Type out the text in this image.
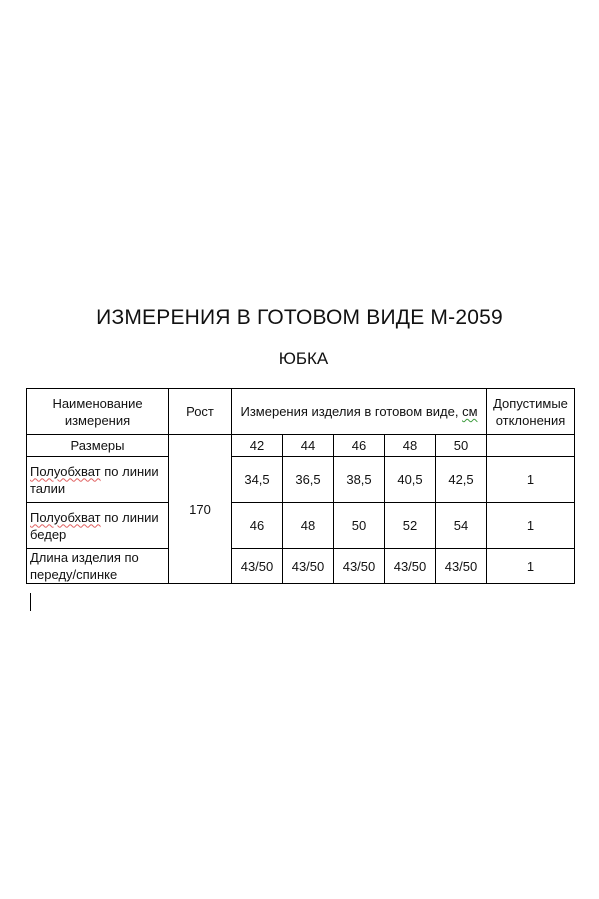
ИЗМЕРЕНИЯ В ГОТОВОМ ВИДЕ М-2059
ЮБКА
Наименование измерения	Рост	Измерения изделия в готовом виде, см					Допустимые отклонения
Размеры	170	42	44	46	48	50	
Полуобхват по линии талии		34,5	36,5	38,5	40,5	42,5	1
Полуобхват по линии бедер		46	48	50	52	54	1
Длина изделия по переду/спинке		43/50	43/50	43/50	43/50	43/50	1
